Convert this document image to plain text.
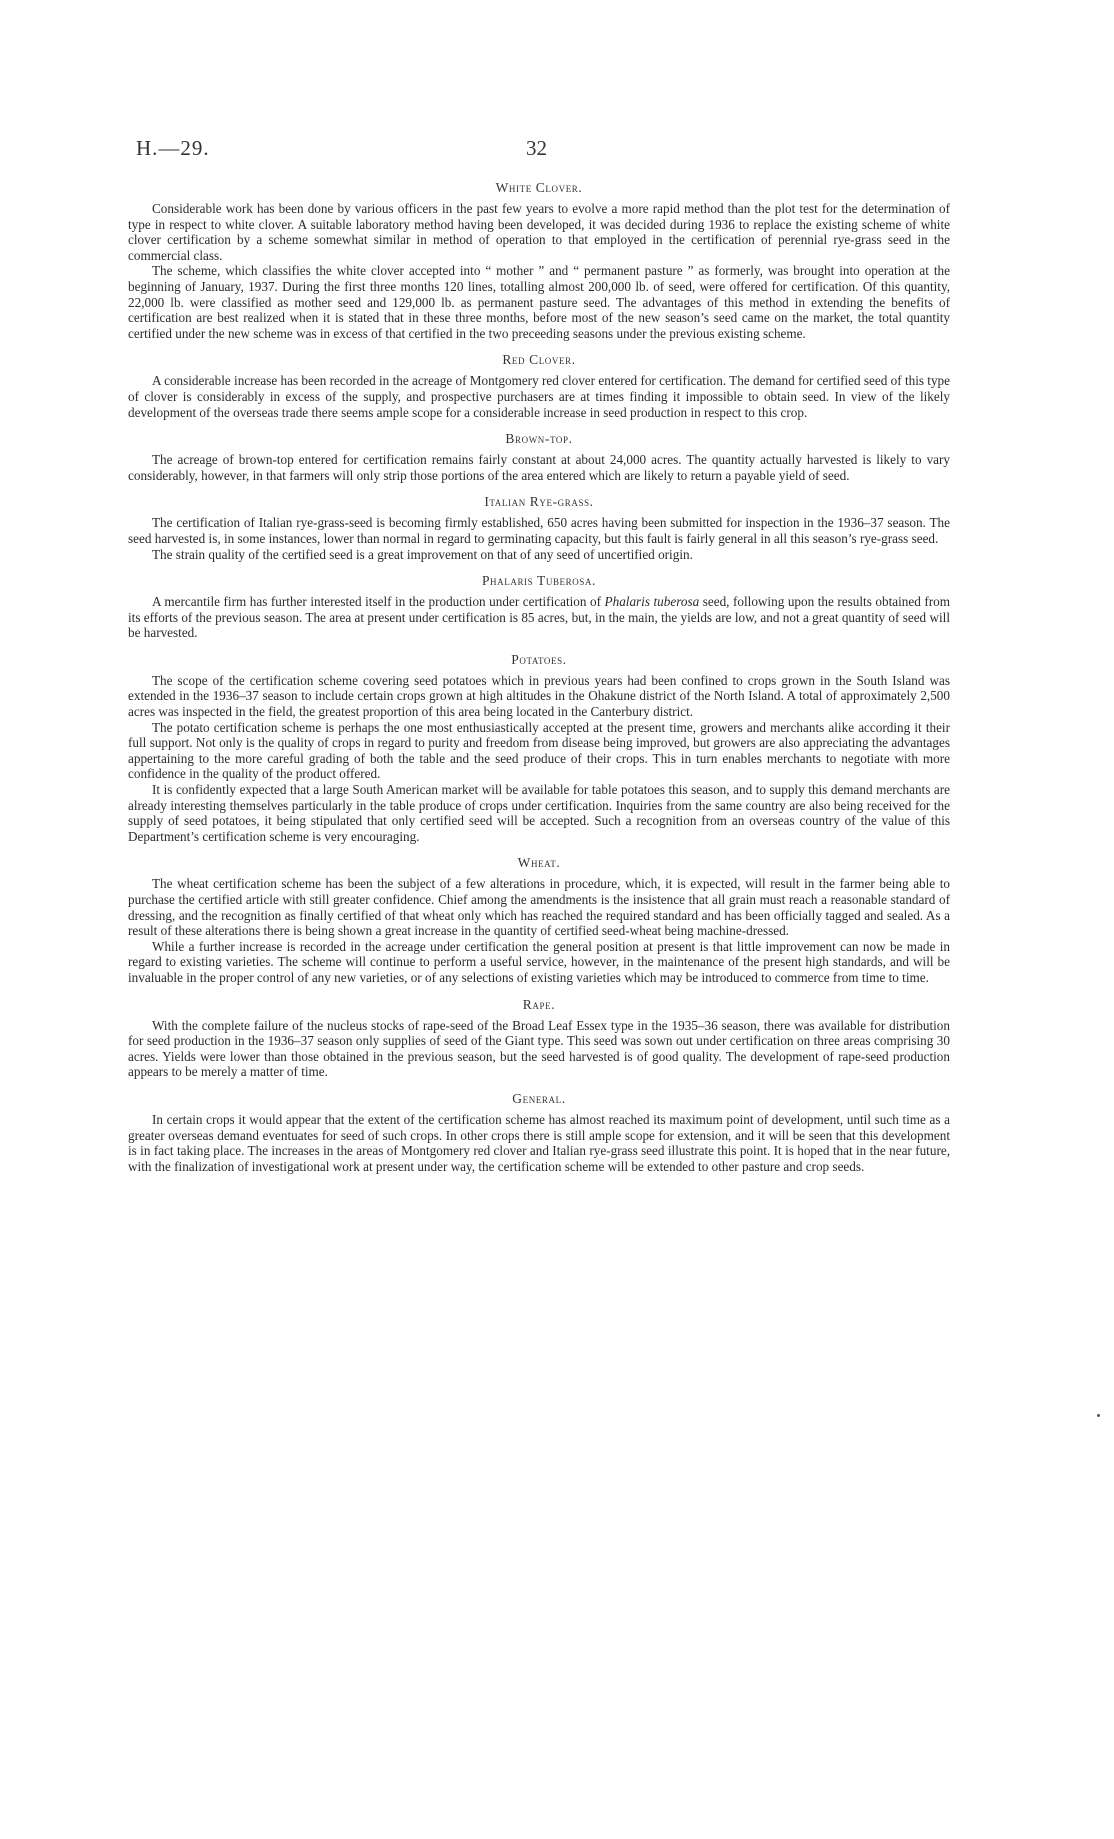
H.—29.	32
White Clover.

Considerable work has been done by various officers in the past few years to evolve a more rapid method than the plot test for the determination of type in respect to white clover. A suitable laboratory method having been developed, it was decided during 1936 to replace the existing scheme of white clover certification by a scheme somewhat similar in method of operation to that employed in the certification of perennial rye-grass seed in the commercial class.

The scheme, which classifies the white clover accepted into “ mother ” and “ permanent pasture ” as formerly, was brought into operation at the beginning of January, 1937. During the first three months 120 lines, totalling almost 200,000 lb. of seed, were offered for certification. Of this quantity, 22,000 lb. were classified as mother seed and 129,000 lb. as permanent pasture seed. The advantages of this method in extending the benefits of certification are best realized when it is stated that in these three months, before most of the new season’s seed came on the market, the total quantity certified under the new scheme was in excess of that certified in the two preceeding seasons under the previous existing scheme.

Red Clover.

A considerable increase has been recorded in the acreage of Montgomery red clover entered for certification. The demand for certified seed of this type of clover is considerably in excess of the supply, and prospective purchasers are at times finding it impossible to obtain seed. In view of the likely development of the overseas trade there seems ample scope for a considerable increase in seed production in respect to this crop.

Brown-top.

The acreage of brown-top entered for certification remains fairly constant at about 24,000 acres. The quantity actually harvested is likely to vary considerably, however, in that farmers will only strip those portions of the area entered which are likely to return a payable yield of seed.

Italian Rye-grass.

The certification of Italian rye-grass-seed is becoming firmly established, 650 acres having been submitted for inspection in the 1936–37 season. The seed harvested is, in some instances, lower than normal in regard to germinating capacity, but this fault is fairly general in all this season’s rye-grass seed.

The strain quality of the certified seed is a great improvement on that of any seed of uncertified origin.

Phalaris Tuberosa.

A mercantile firm has further interested itself in the production under certification of Phalaris tuberosa seed, following upon the results obtained from its efforts of the previous season. The area at present under certification is 85 acres, but, in the main, the yields are low, and not a great quantity of seed will be harvested.

Potatoes.

The scope of the certification scheme covering seed potatoes which in previous years had been confined to crops grown in the South Island was extended in the 1936–37 season to include certain crops grown at high altitudes in the Ohakune district of the North Island. A total of approximately 2,500 acres was inspected in the field, the greatest proportion of this area being located in the Canterbury district.

The potato certification scheme is perhaps the one most enthusiastically accepted at the present time, growers and merchants alike according it their full support. Not only is the quality of crops in regard to purity and freedom from disease being improved, but growers are also appreciating the advantages appertaining to the more careful grading of both the table and the seed produce of their crops. This in turn enables merchants to negotiate with more confidence in the quality of the product offered.

It is confidently expected that a large South American market will be available for table potatoes this season, and to supply this demand merchants are already interesting themselves particularly in the table produce of crops under certification. Inquiries from the same country are also being received for the supply of seed potatoes, it being stipulated that only certified seed will be accepted. Such a recognition from an overseas country of the value of this Department’s certification scheme is very encouraging.

Wheat.

The wheat certification scheme has been the subject of a few alterations in procedure, which, it is expected, will result in the farmer being able to purchase the certified article with still greater confidence. Chief among the amendments is the insistence that all grain must reach a reasonable standard of dressing, and the recognition as finally certified of that wheat only which has reached the required standard and has been officially tagged and sealed. As a result of these alterations there is being shown a great increase in the quantity of certified seed-wheat being machine-dressed.

While a further increase is recorded in the acreage under certification the general position at present is that little improvement can now be made in regard to existing varieties. The scheme will continue to perform a useful service, however, in the maintenance of the present high standards, and will be invaluable in the proper control of any new varieties, or of any selections of existing varieties which may be introduced to commerce from time to time.

Rape.

With the complete failure of the nucleus stocks of rape-seed of the Broad Leaf Essex type in the 1935–36 season, there was available for distribution for seed production in the 1936–37 season only supplies of seed of the Giant type. This seed was sown out under certification on three areas comprising 30 acres. Yields were lower than those obtained in the previous season, but the seed harvested is of good quality. The development of rape-seed production appears to be merely a matter of time.

General.

In certain crops it would appear that the extent of the certification scheme has almost reached its maximum point of development, until such time as a greater overseas demand eventuates for seed of such crops. In other crops there is still ample scope for extension, and it will be seen that this development is in fact taking place. The increases in the areas of Montgomery red clover and Italian rye-grass seed illustrate this point. It is hoped that in the near future, with the finalization of investigational work at present under way, the certification scheme will be extended to other pasture and crop seeds.
